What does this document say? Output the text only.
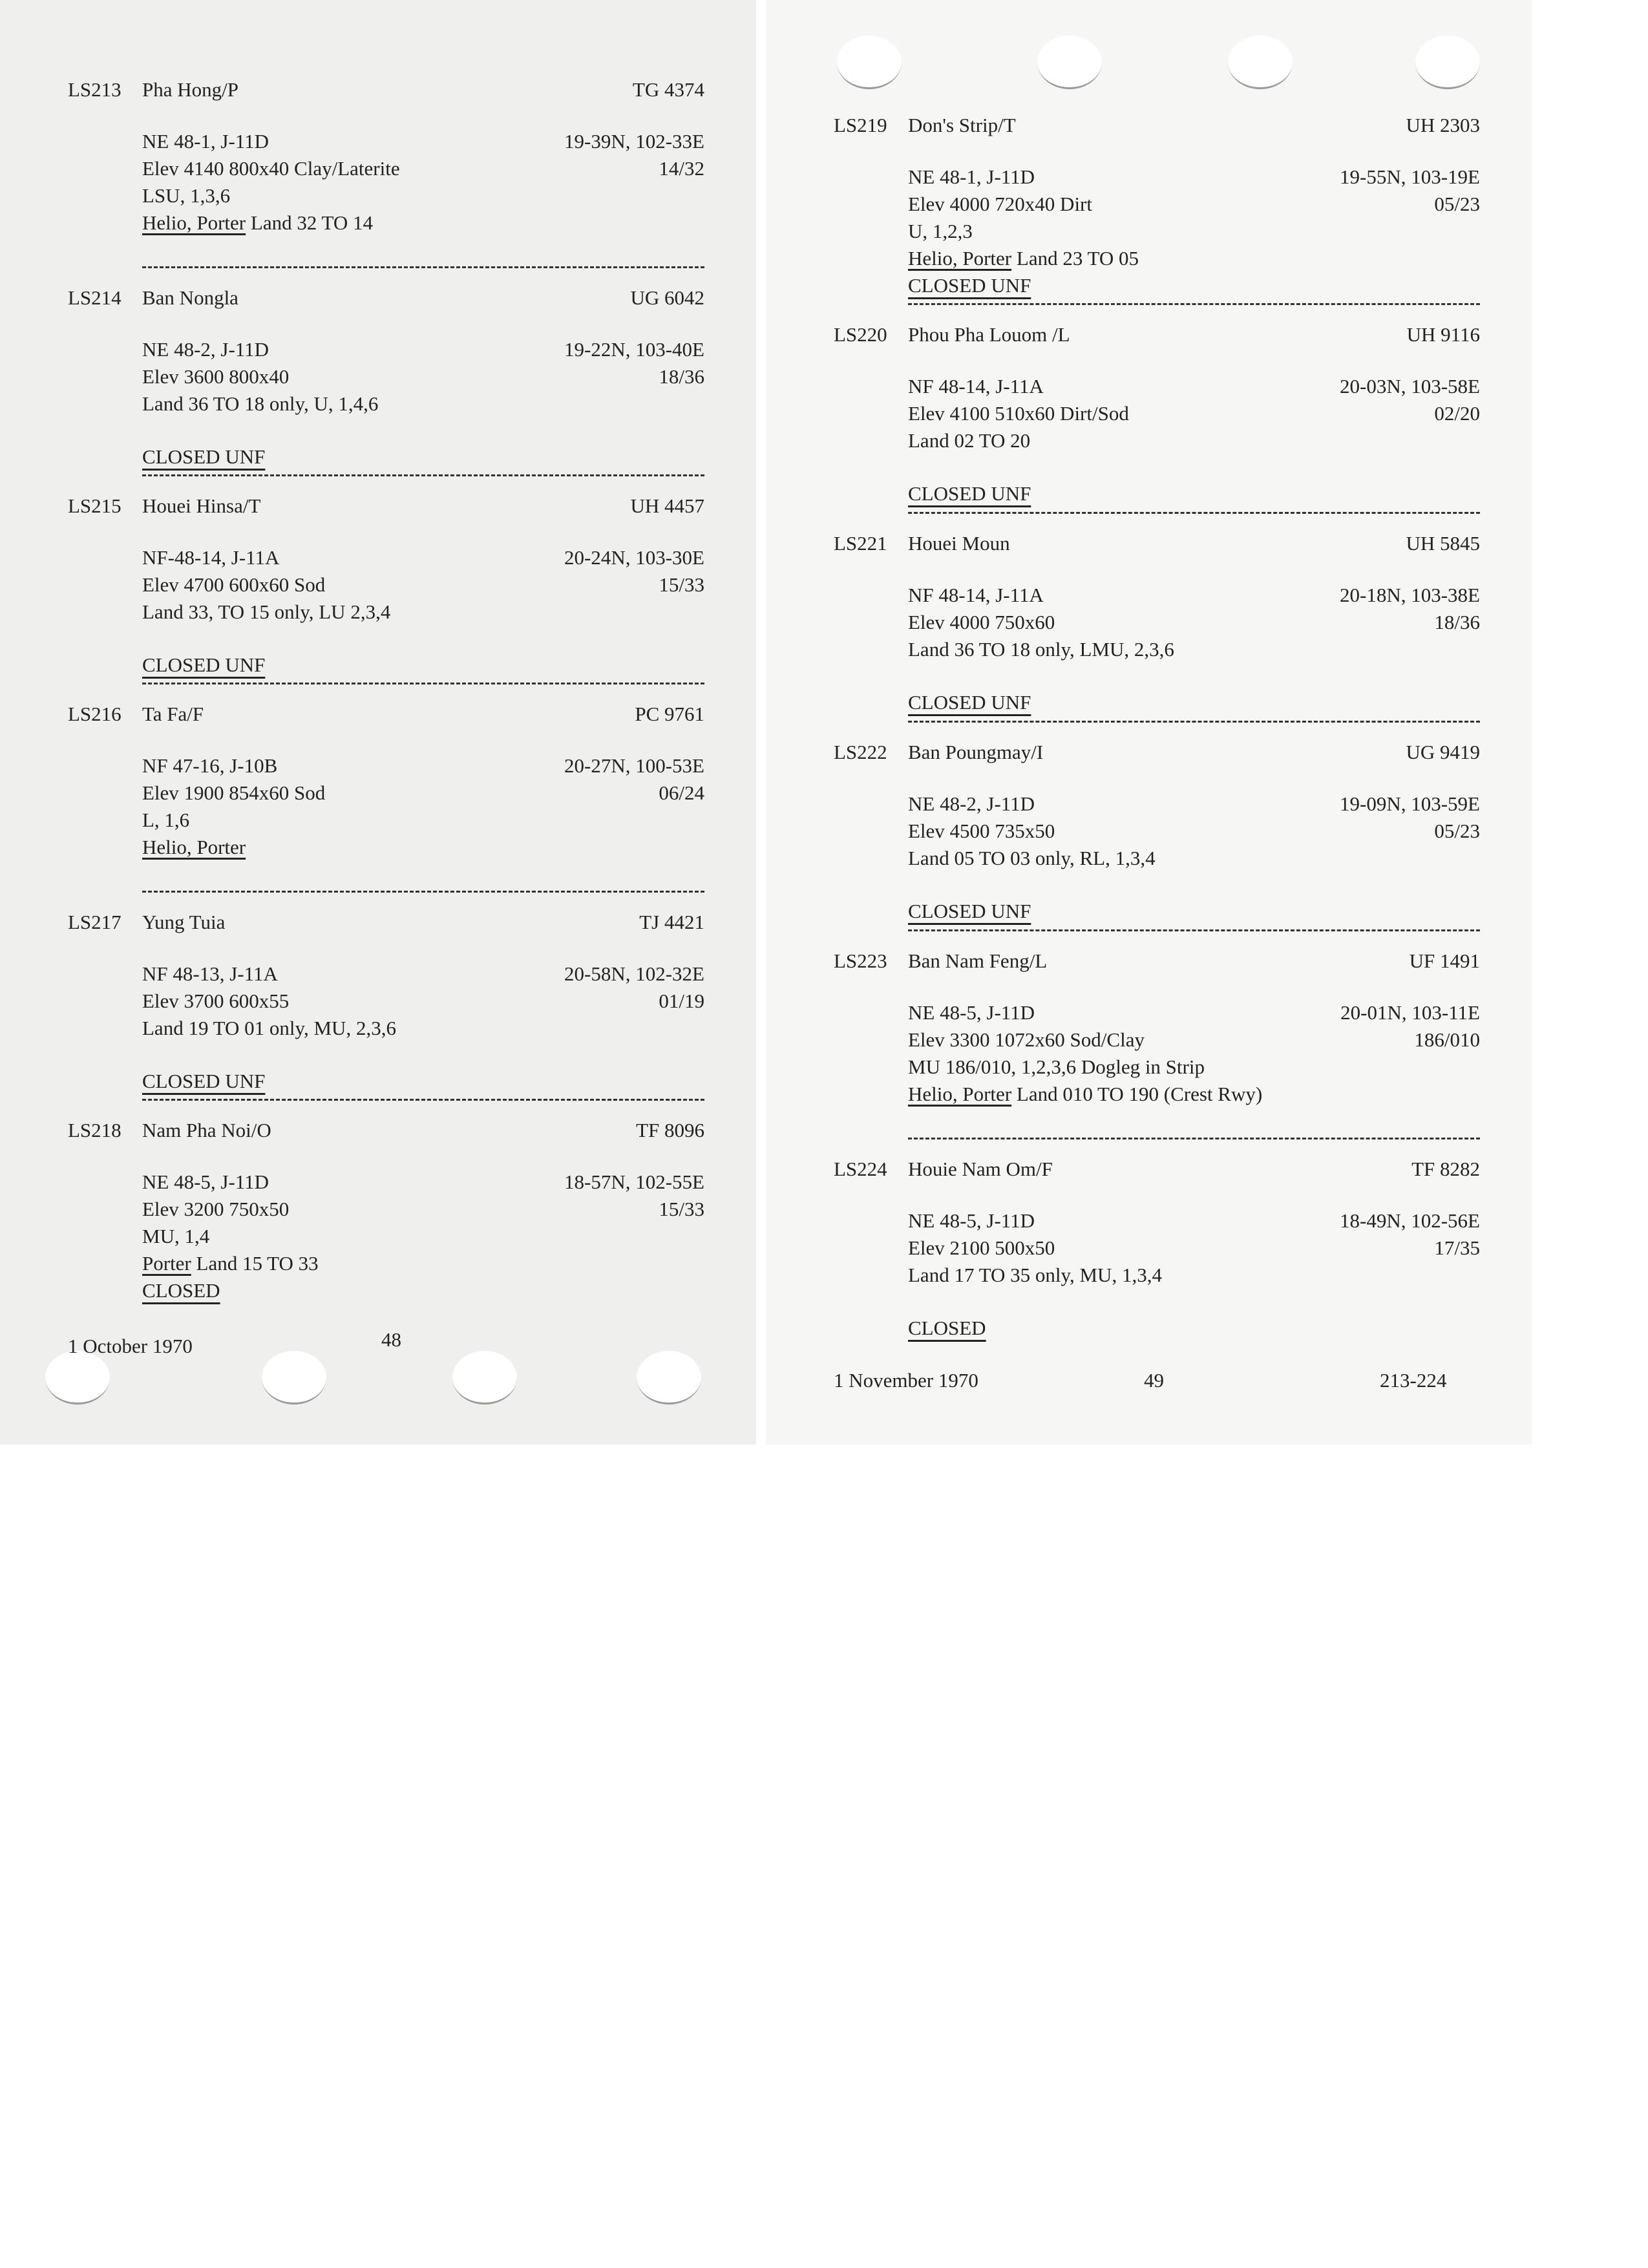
LS213 Pha Hong/P	TG 4374
NE 48-1, J-11D	19-39N, 102-33E
Elev 4140 800x40 Clay/Laterite	14/32
LSU, 1,3,6
Helio, Porter Land 32 TO 14
LS214 Ban Nongla	UG 6042
NE 48-2, J-11D	19-22N, 103-40E
Elev 3600 800x40	18/36
Land 36 TO 18 only, U, 1,4,6
CLOSED UNF
LS215 Houei Hinsa/T	UH 4457
NF-48-14, J-11A	20-24N, 103-30E
Elev 4700 600x60 Sod	15/33
Land 33, TO 15 only, LU 2,3,4
CLOSED UNF
LS216 Ta Fa/F	PC 9761
NF 47-16, J-10B	20-27N, 100-53E
Elev 1900 854x60 Sod	06/24
L, 1,6
Helio, Porter
LS217 Yung Tuia	TJ 4421
NF 48-13, J-11A	20-58N, 102-32E
Elev 3700 600x55	01/19
Land 19 TO 01 only, MU, 2,3,6
CLOSED UNF
LS218 Nam Pha Noi/O	TF 8096
NE 48-5, J-11D	18-57N, 102-55E
Elev 3200 750x50	15/33
MU, 1,4
Porter Land 15 TO 33
CLOSED
1 October 1970	48
LS219 Don's Strip/T	UH 2303
NE 48-1, J-11D	19-55N, 103-19E
Elev 4000 720x40 Dirt	05/23
U, 1,2,3
Helio, Porter Land 23 TO 05
CLOSED UNF
LS220 Phou Pha Louom /L	UH 9116
NF 48-14, J-11A	20-03N, 103-58E
Elev 4100 510x60 Dirt/Sod	02/20
Land 02 TO 20
CLOSED UNF
LS221 Houei Moun	UH 5845
NF 48-14, J-11A	20-18N, 103-38E
Elev 4000 750x60	18/36
Land 36 TO 18 only, LMU, 2,3,6
CLOSED UNF
LS222 Ban Poungmay/I	UG 9419
NE 48-2, J-11D	19-09N, 103-59E
Elev 4500 735x50	05/23
Land 05 TO 03 only, RL, 1,3,4
CLOSED UNF
LS223 Ban Nam Feng/L	UF 1491
NE 48-5, J-11D	20-01N, 103-11E
Elev 3300 1072x60 Sod/Clay	186/010
MU 186/010, 1,2,3,6 Dogleg in Strip
Helio, Porter Land 010 TO 190 (Crest Rwy)
LS224 Houie Nam Om/F	TF 8282
NE 48-5, J-11D	18-49N, 102-56E
Elev 2100 500x50	17/35
Land 17 TO 35 only, MU, 1,3,4
CLOSED
1 November 1970	49	213-224
